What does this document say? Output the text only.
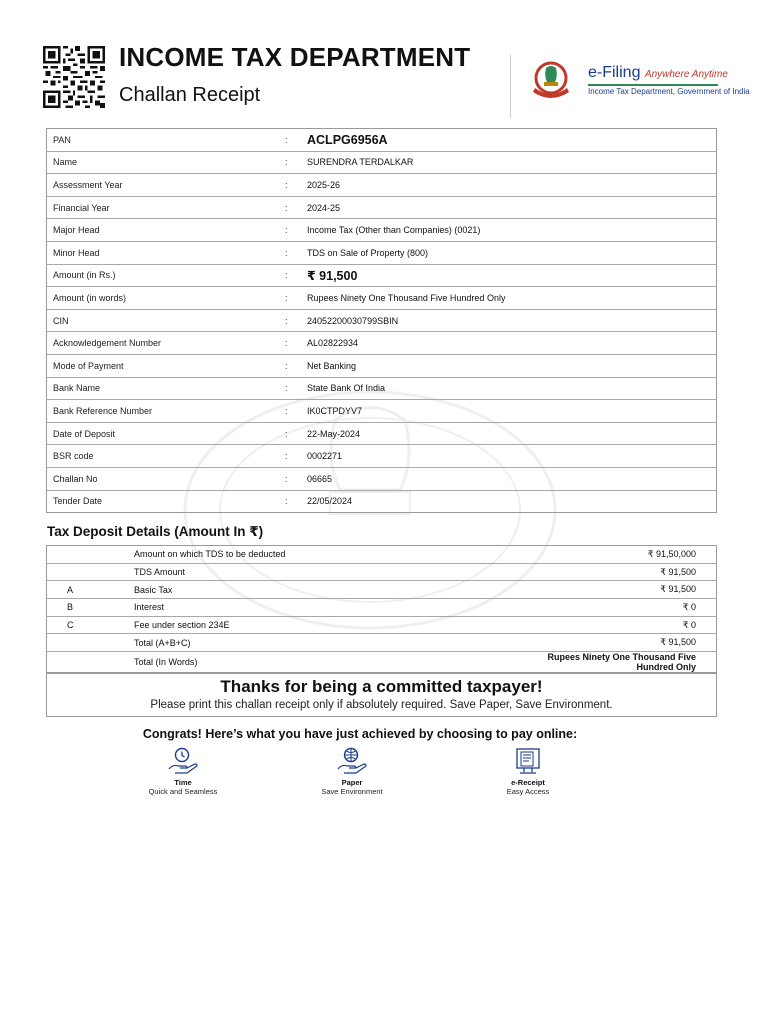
INCOME TAX DEPARTMENT
Challan Receipt
e-Filing Anywhere Anytime
Income Tax Department, Government of India
PAN	:	ACLPG6956A
Name	:	SURENDRA TERDALKAR
Assessment Year	:	2025-26
Financial Year	:	2024-25
Major Head	:	Income Tax (Other than Companies) (0021)
Minor Head	:	TDS on Sale of Property (800)
Amount (in Rs.)	:	₹ 91,500
Amount (in words)	:	Rupees Ninety One Thousand Five Hundred Only
CIN	:	24052200030799SBIN
Acknowledgement Number	:	AL02822934
Mode of Payment	:	Net Banking
Bank Name	:	State Bank Of India
Bank Reference Number	:	IK0CTPDYV7
Date of Deposit	:	22-May-2024
BSR code	:	0002271
Challan No	:	06665
Tender Date	:	22/05/2024
Tax Deposit Details (Amount In ₹)
	Amount on which TDS to be deducted	₹ 91,50,000
	TDS Amount	₹ 91,500
A	Basic Tax	₹ 91,500
B	Interest	₹ 0
C	Fee under section 234E	₹ 0
	Total (A+B+C)	₹ 91,500
	Total (In Words)	Rupees Ninety One Thousand Five Hundred Only
Thanks for being a committed taxpayer!
Please print this challan receipt only if absolutely required. Save Paper, Save Environment.
Congrats! Here’s what you have just achieved by choosing to pay online:
Time
Quick and Seamless
Paper
Save Environment
e-Receipt
Easy Access
